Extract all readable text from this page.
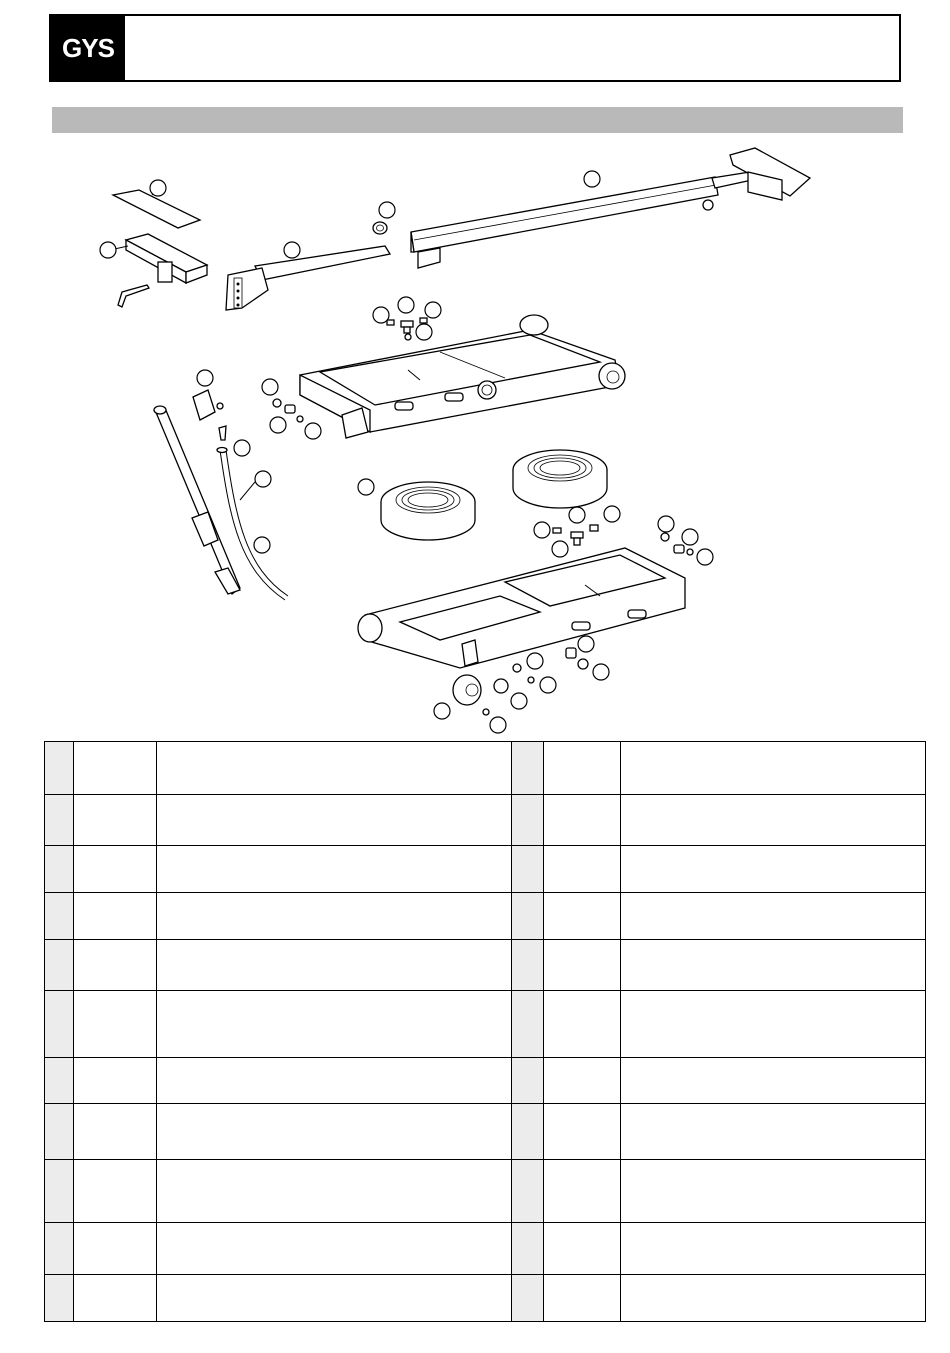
GYS
